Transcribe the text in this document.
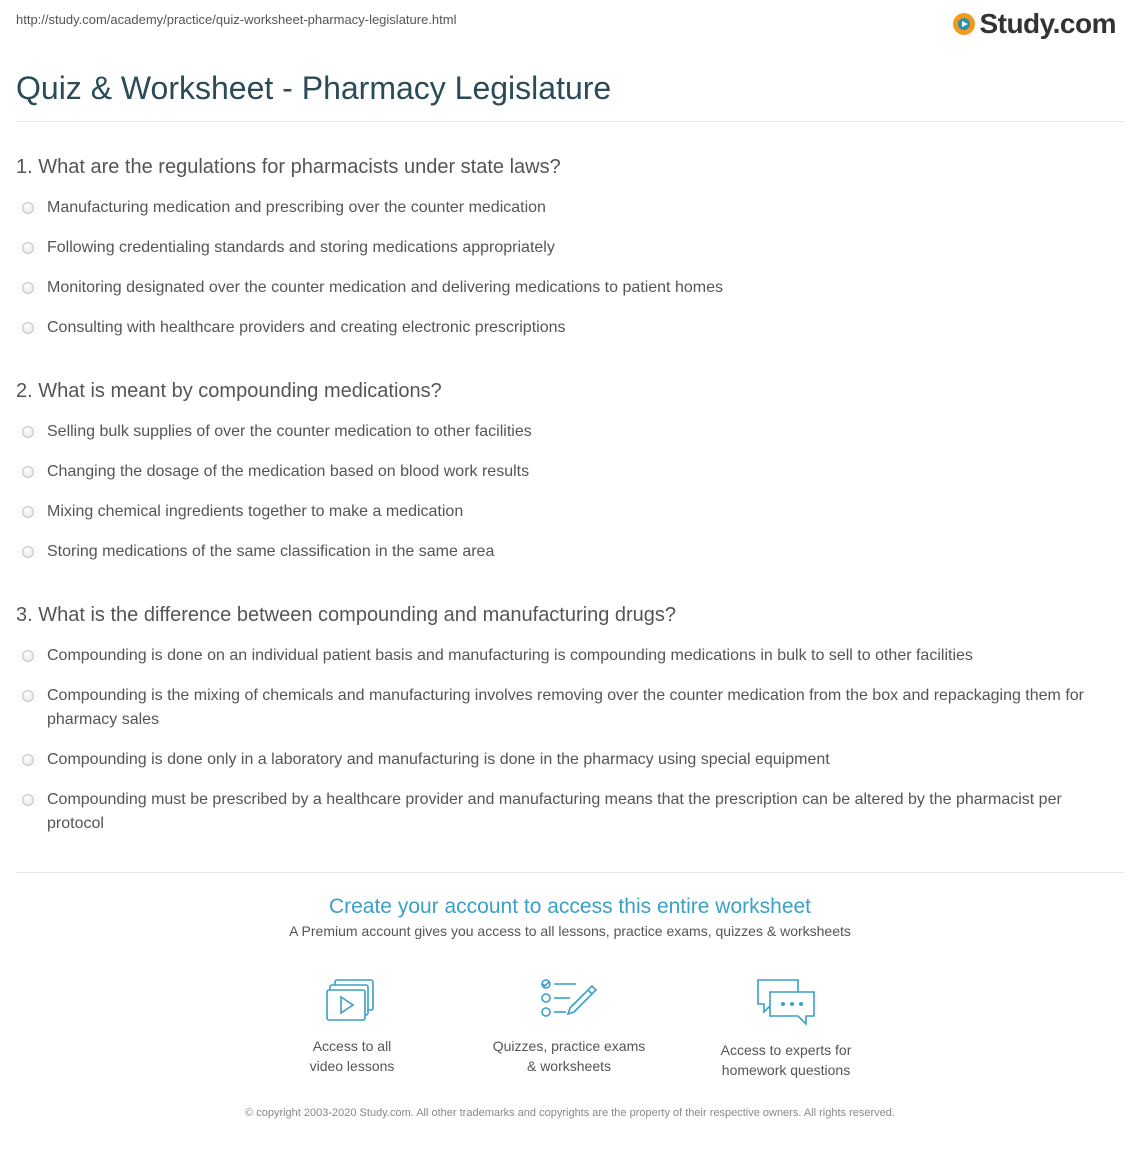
http://study.com/academy/practice/quiz-worksheet-pharmacy-legislature.html	Study.com
Quiz & Worksheet - Pharmacy Legislature
1. What are the regulations for pharmacists under state laws?
Manufacturing medication and prescribing over the counter medication
Following credentialing standards and storing medications appropriately
Monitoring designated over the counter medication and delivering medications to patient homes
Consulting with healthcare providers and creating electronic prescriptions
2. What is meant by compounding medications?
Selling bulk supplies of over the counter medication to other facilities
Changing the dosage of the medication based on blood work results
Mixing chemical ingredients together to make a medication
Storing medications of the same classification in the same area
3. What is the difference between compounding and manufacturing drugs?
Compounding is done on an individual patient basis and manufacturing is compounding medications in bulk to sell to other facilities
Compounding is the mixing of chemicals and manufacturing involves removing over the counter medication from the box and repackaging them for pharmacy sales
Compounding is done only in a laboratory and manufacturing is done in the pharmacy using special equipment
Compounding must be prescribed by a healthcare provider and manufacturing means that the prescription can be altered by the pharmacist per protocol
Create your account to access this entire worksheet
A Premium account gives you access to all lessons, practice exams, quizzes & worksheets
Access to all
video lessons
Quizzes, practice exams
& worksheets
Access to experts for
homework questions
© copyright 2003-2020 Study.com. All other trademarks and copyrights are the property of their respective owners. All rights reserved.
